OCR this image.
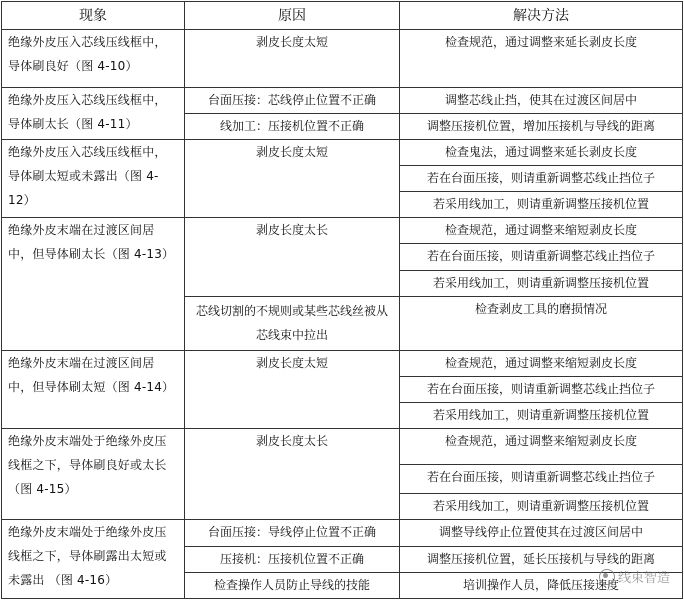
现象	原因	解决方法
绝缘外皮压入芯线压线框中，导体刷良好（图 4-10）	剥皮长度太短	检查规范，通过调整来延长剥皮长度
绝缘外皮压入芯线压线框中，导体刷太长（图 4-11）	台面压接：芯线停止位置不正确	调整芯线止挡，使其在过渡区间居中
	线加工：压接机位置不正确	调整压接机位置，增加压接机与导线的距离
绝缘外皮压入芯线压线框中，导体刷太短或未露出（图 4-12）	剥皮长度太短	检查鬼法，通过调整来延长剥皮长度
		若在台面压接，则请重新调整芯线止挡位子
		若采用线加工，则请重新调整压接机位置
绝缘外皮末端在过渡区间居中，但导体刷太长（图 4-13）	剥皮长度太长	检查规范，通过调整来缩短剥皮长度
		若在台面压接，则请重新调整芯线止挡位子
		若采用线加工，则请重新调整压接机位置
	芯线切割的不规则或某些芯线丝被从芯线束中拉出	检查剥皮工具的磨损情况
绝缘外皮末端在过渡区间居中，但导体刷太短（图 4-14）	剥皮长度太短	检查规范，通过调整来缩短剥皮长度
		若在台面压接，则请重新调整芯线止挡位子
		若采用线加工，则请重新调整压接机位置
绝缘外皮末端处于绝缘外皮压线框之下，导体刷良好或太长（图 4-15）	剥皮长度太长	检查规范，通过调整来缩短剥皮长度
		若在台面压接，则请重新调整芯线止挡位子
		若采用线加工，则请重新调整压接机位置
绝缘外皮末端处于绝缘外皮压线框之下，导体刷露出太短或未露出 （图 4-16）	台面压接：导线停止位置不正确	调整导线停止位置使其在过渡区间居中
	压接机：压接机位置不正确	调整压接机位置，延长压接机与导线的距离
	检查操作人员防止导线的技能	培训操作人员，降低压接速度
线束智造
